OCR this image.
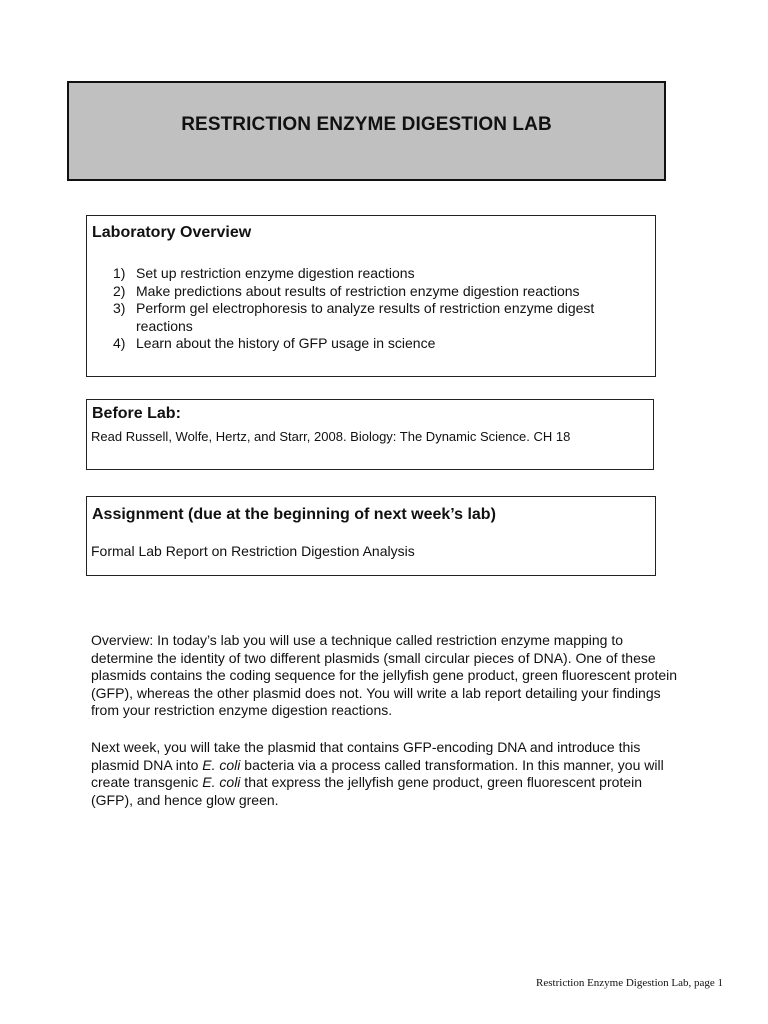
RESTRICTION ENZYME DIGESTION LAB
Laboratory Overview
1) Set up restriction enzyme digestion reactions
2) Make predictions about results of restriction enzyme digestion reactions
3) Perform gel electrophoresis to analyze results of restriction enzyme digest reactions
4) Learn about the history of GFP usage in science
Before Lab:
Read Russell, Wolfe, Hertz, and Starr, 2008. Biology: The Dynamic Science. CH 18
Assignment (due at the beginning of next week’s lab)
Formal Lab Report on Restriction Digestion Analysis

Overview: In today’s lab you will use a technique called restriction enzyme mapping to determine the identity of two different plasmids (small circular pieces of DNA). One of these plasmids contains the coding sequence for the jellyfish gene product, green fluorescent protein (GFP), whereas the other plasmid does not. You will write a lab report detailing your findings from your restriction enzyme digestion reactions.

Next week, you will take the plasmid that contains GFP-encoding DNA and introduce this plasmid DNA into E. coli bacteria via a process called transformation. In this manner, you will create transgenic E. coli that express the jellyfish gene product, green fluorescent protein (GFP), and hence glow green.

Restriction Enzyme Digestion Lab, page 1
